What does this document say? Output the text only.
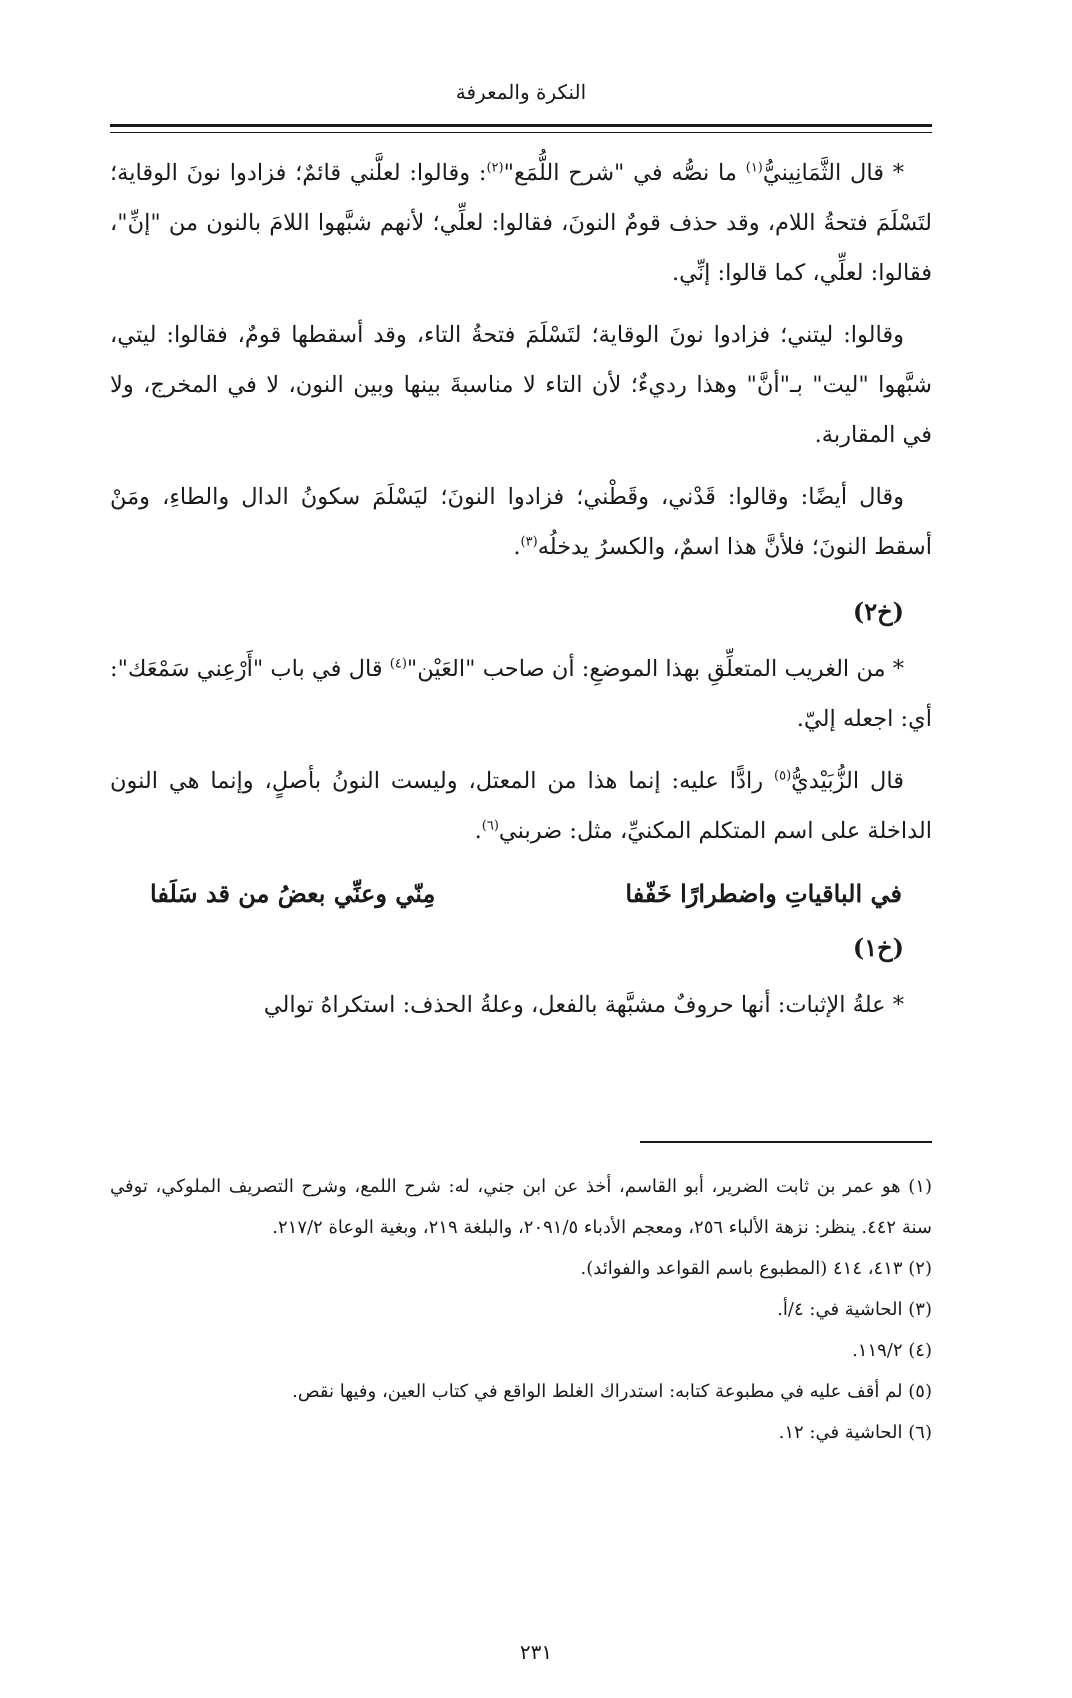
النكرة والمعرفة

* قال الثَّمَانِينيُّ$^{(١)}$ ما نصُّه في "شرح اللُّمَع"$^{(٢)}$: وقالوا: لعلَّني قائمٌ؛ فزادوا نونَ الوقاية؛ لتَسْلَمَ فتحةُ اللام، وقد حذف قومٌ النونَ، فقالوا: لعلِّي؛ لأنهم شبَّهوا اللامَ بالنون من "إنِّ"، فقالوا: لعلِّي، كما قالوا: إنِّي.

وقالوا: ليتني؛ فزادوا نونَ الوقاية؛ لتَسْلَمَ فتحةُ التاء، وقد أسقطها قومٌ، فقالوا: ليتي، شبَّهوا "ليت" بـ"أنَّ" وهذا رديءٌ؛ لأن التاء لا مناسبةَ بينها وبين النون، لا في المخرج، ولا في المقاربة.

وقال أيضًا: وقالوا: قَدْني، وقَطْني؛ فزادوا النونَ؛ ليَسْلَمَ سكونُ الدال والطاءِ، ومَنْ أسقط النونَ؛ فلأنَّ هذا اسمٌ، والكسرُ يدخلُه$^{(٣)}$.

(خ٢)

* من الغريب المتعلِّقِ بهذا الموضعِ: أن صاحب "العَيْن"$^{(٤)}$ قال في باب "أَرْعِني سَمْعَك": أي: اجعله إليّ.

قال الزُّبَيْديُّ$^{(٥)}$ رادًّا عليه: إنما هذا من المعتل، وليست النونُ بأصلٍ، وإنما هي النون الداخلة على اسم المتكلم المكنيِّ، مثل: ضربني$^{(٦)}$.

في الباقياتِ واضطرارًا خَفّفا
مِنّي وعنِّي بعضُ من قد سَلَفا

(خ١)

* علةُ الإثبات: أنها حروفٌ مشبَّهة بالفعل، وعلةُ الحذف: استكراهُ توالي

(١) هو عمر بن ثابت الضرير، أبو القاسم، أخذ عن ابن جني، له: شرح اللمع، وشرح التصريف الملوكي، توفي سنة ٤٤٢. ينظر: نزهة الألباء ٢٥٦، ومعجم الأدباء ٢٠٩١/٥، والبلغة ٢١٩، وبغية الوعاة ٢١٧/٢.

(٢) ٤١٣، ٤١٤ (المطبوع باسم القواعد والفوائد).

(٣) الحاشية في: ٤/أ.

(٤) ١١٩/٢.

(٥) لم أقف عليه في مطبوعة كتابه: استدراك الغلط الواقع في كتاب العين، وفيها نقص.

(٦) الحاشية في: ١٢.

٢٣١
